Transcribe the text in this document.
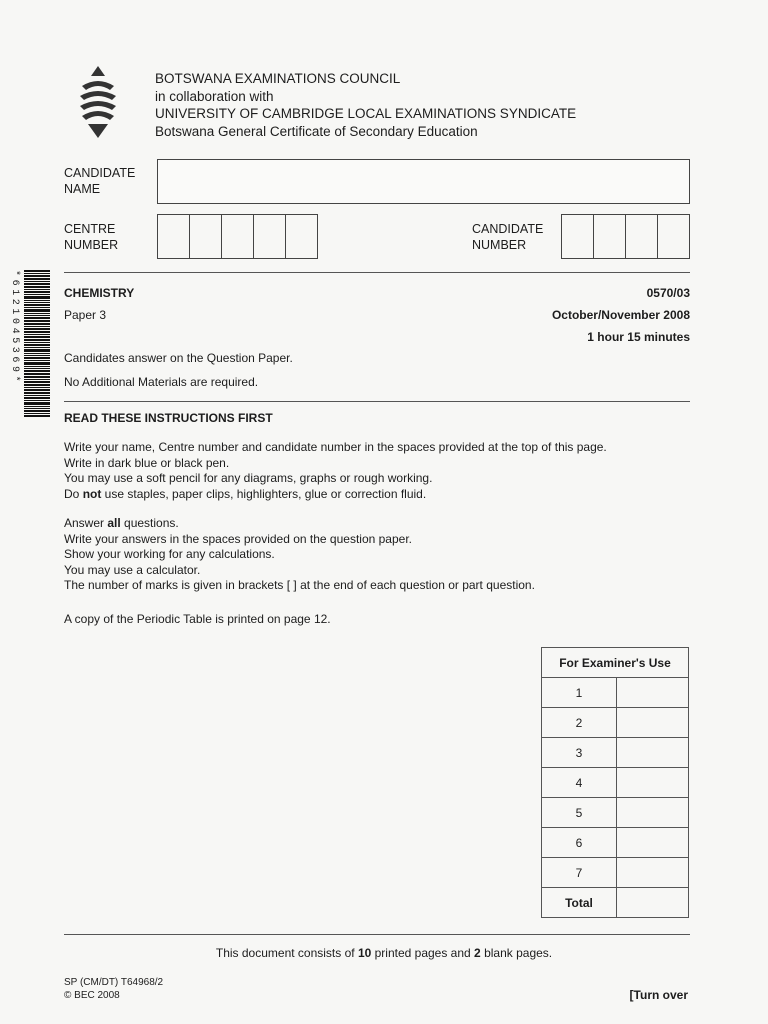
BOTSWANA EXAMINATIONS COUNCIL
in collaboration with
UNIVERSITY OF CAMBRIDGE LOCAL EXAMINATIONS SYNDICATE
Botswana General Certificate of Secondary Education
CANDIDATE
NAME
CENTRE
NUMBER
CANDIDATE
NUMBER
*6121045369*	CHEMISTRY	0570/03
Paper 3	October/November 2008
1 hour 15 minutes
Candidates answer on the Question Paper.
No Additional Materials are required.
READ THESE INSTRUCTIONS FIRST
Write your name, Centre number and candidate number in the spaces provided at the top of this page.
Write in dark blue or black pen.
You may use a soft pencil for any diagrams, graphs or rough working.
Do not use staples, paper clips, highlighters, glue or correction fluid.
Answer all questions.
Write your answers in the spaces provided on the question paper.
Show your working for any calculations.
You may use a calculator.
The number of marks is given in brackets [ ] at the end of each question or part question.
A copy of the Periodic Table is printed on page 12.
For Examiner's Use	
1	
2	
3	
4	
5	
6	
7	
Total	
This document consists of 10 printed pages and 2 blank pages.
SP (CM/DT) T64968/2
© BEC 2008	[Turn over
